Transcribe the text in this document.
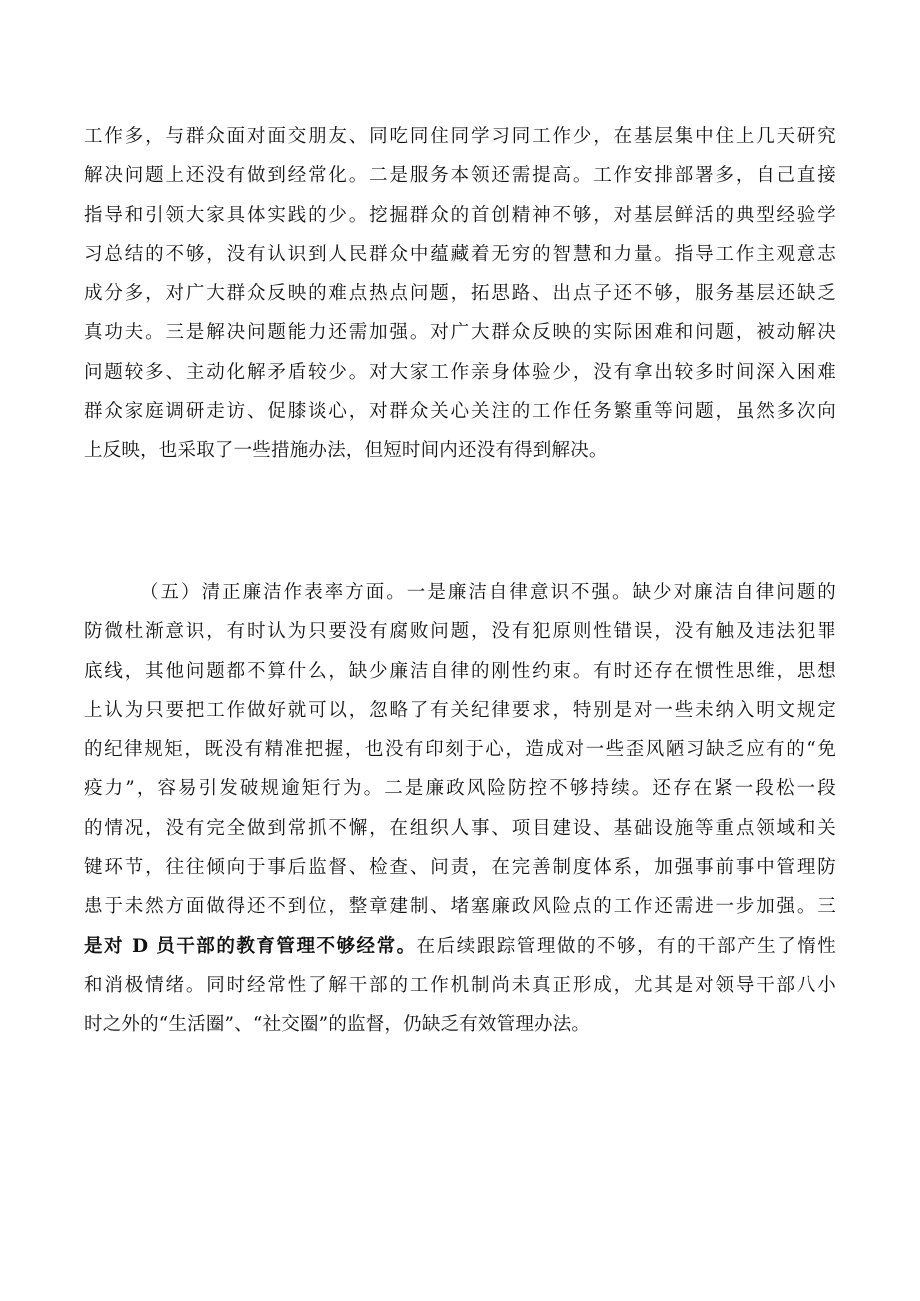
工作多，与群众面对面交朋友、同吃同住同学习同工作少，在基层集中住上几天研究
解决问题上还没有做到经常化。二是服务本领还需提高。工作安排部署多，自己直接
指导和引领大家具体实践的少。挖掘群众的首创精神不够，对基层鲜活的典型经验学
习总结的不够，没有认识到人民群众中蕴藏着无穷的智慧和力量。指导工作主观意志
成分多，对广大群众反映的难点热点问题，拓思路、出点子还不够，服务基层还缺乏
真功夫。三是解决问题能力还需加强。对广大群众反映的实际困难和问题，被动解决
问题较多、主动化解矛盾较少。对大家工作亲身体验少，没有拿出较多时间深入困难
群众家庭调研走访、促膝谈心，对群众关心关注的工作任务繁重等问题，虽然多次向
上反映，也采取了一些措施办法，但短时间内还没有得到解决。
（五）清正廉洁作表率方面。一是廉洁自律意识不强。缺少对廉洁自律问题的
防微杜渐意识，有时认为只要没有腐败问题，没有犯原则性错误，没有触及违法犯罪
底线，其他问题都不算什么，缺少廉洁自律的刚性约束。有时还存在惯性思维，思想
上认为只要把工作做好就可以，忽略了有关纪律要求，特别是对一些未纳入明文规定
的纪律规矩，既没有精准把握，也没有印刻于心，造成对一些歪风陋习缺乏应有的“免
疫力”，容易引发破规逾矩行为。二是廉政风险防控不够持续。还存在紧一段松一段
的情况，没有完全做到常抓不懈，在组织人事、项目建设、基础设施等重点领域和关
键环节，往往倾向于事后监督、检查、问责，在完善制度体系，加强事前事中管理防
患于未然方面做得还不到位，整章建制、堵塞廉政风险点的工作还需进一步加强。三
是对 D 员干部的教育管理不够经常。在后续跟踪管理做的不够，有的干部产生了惰性
和消极情绪。同时经常性了解干部的工作机制尚未真正形成，尤其是对领导干部八小
时之外的“生活圈”、“社交圈”的监督，仍缺乏有效管理办法。
